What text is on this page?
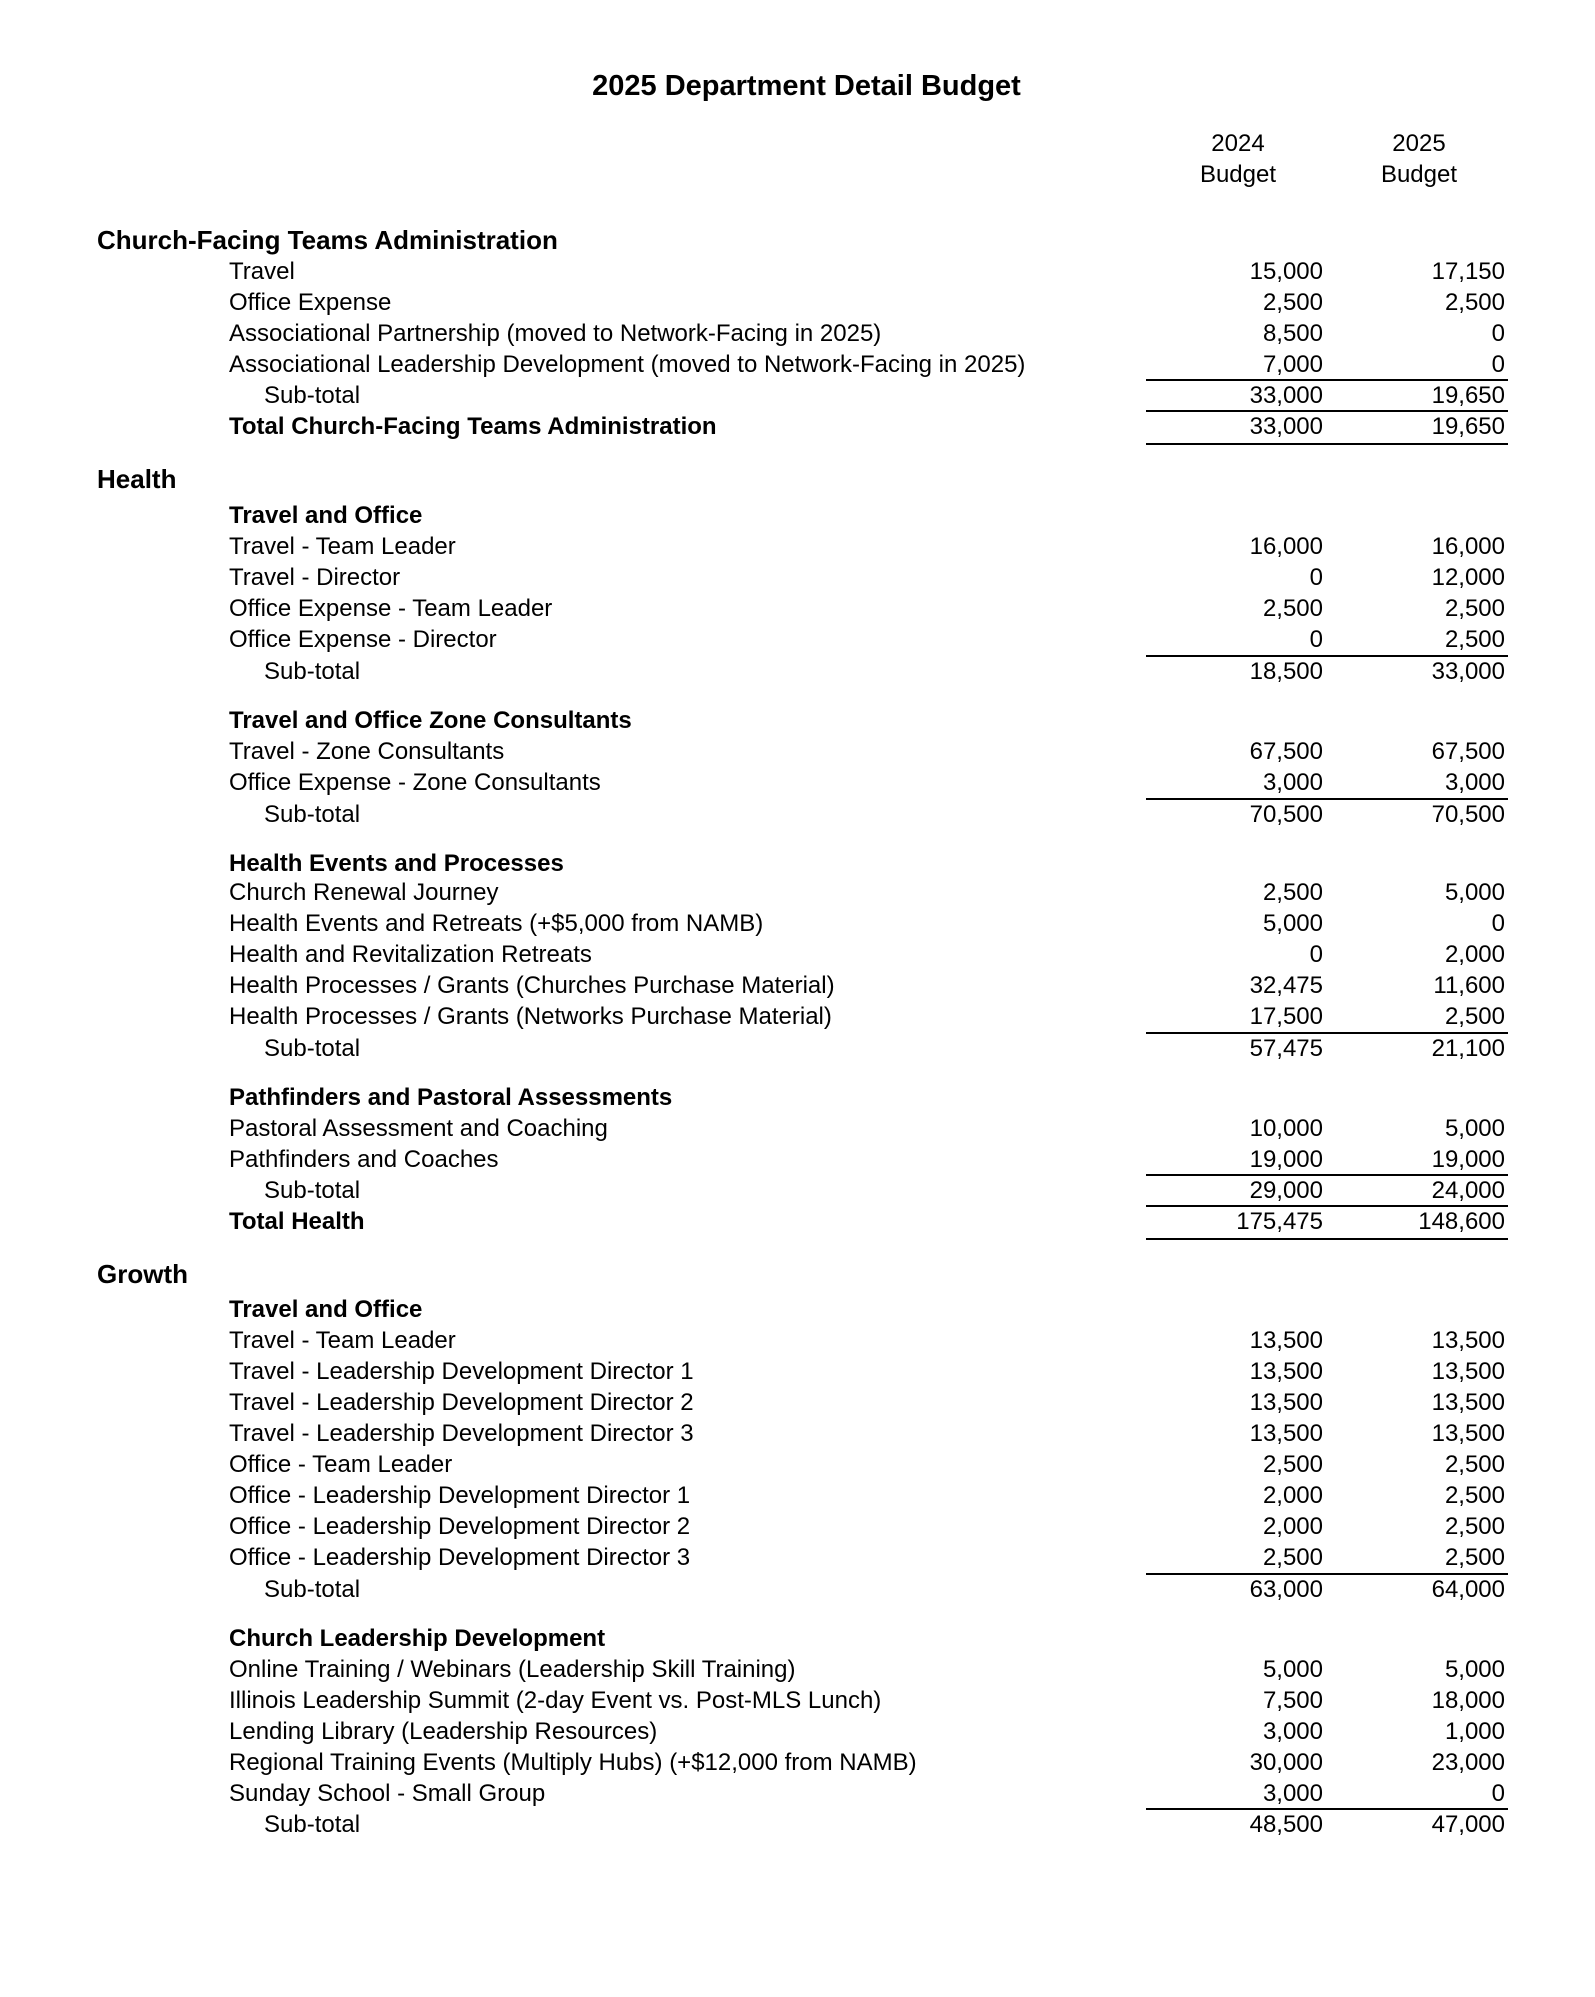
2025 Department Detail Budget
2024
Budget
2025
Budget
Church-Facing Teams Administration
Travel	15,000	17,150
Office Expense	2,500	2,500
Associational Partnership (moved to Network-Facing in 2025)	8,500	0
Associational Leadership Development (moved to Network-Facing in 2025)	7,000	0
Sub-total	33,000	19,650
Total Church-Facing Teams Administration	33,000	19,650
Health
Travel and Office
Travel - Team Leader	16,000	16,000
Travel - Director	0	12,000
Office Expense - Team Leader	2,500	2,500
Office Expense - Director	0	2,500
Sub-total	18,500	33,000
Travel and Office Zone Consultants
Travel - Zone Consultants	67,500	67,500
Office Expense - Zone Consultants	3,000	3,000
Sub-total	70,500	70,500
Health Events and Processes
Church Renewal Journey	2,500	5,000
Health Events and Retreats (+$5,000 from NAMB)	5,000	0
Health and Revitalization Retreats	0	2,000
Health Processes / Grants (Churches Purchase Material)	32,475	11,600
Health Processes / Grants (Networks Purchase Material)	17,500	2,500
Sub-total	57,475	21,100
Pathfinders and Pastoral Assessments
Pastoral Assessment and Coaching	10,000	5,000
Pathfinders and Coaches	19,000	19,000
Sub-total	29,000	24,000
Total Health	175,475	148,600
Growth
Travel and Office
Travel - Team Leader	13,500	13,500
Travel - Leadership Development Director 1	13,500	13,500
Travel - Leadership Development Director 2	13,500	13,500
Travel - Leadership Development Director 3	13,500	13,500
Office - Team Leader	2,500	2,500
Office - Leadership Development Director 1	2,000	2,500
Office - Leadership Development Director 2	2,000	2,500
Office - Leadership Development Director 3	2,500	2,500
Sub-total	63,000	64,000
Church Leadership Development
Online Training / Webinars (Leadership Skill Training)	5,000	5,000
Illinois Leadership Summit (2-day Event vs. Post-MLS Lunch)	7,500	18,000
Lending Library (Leadership Resources)	3,000	1,000
Regional Training Events (Multiply Hubs) (+$12,000 from NAMB)	30,000	23,000
Sunday School - Small Group	3,000	0
Sub-total	48,500	47,000
